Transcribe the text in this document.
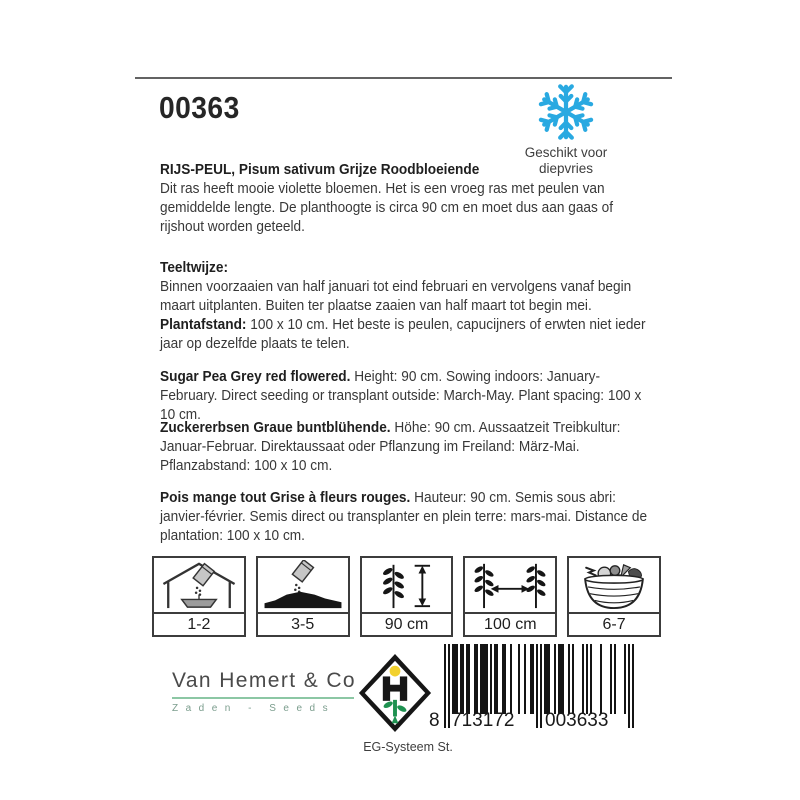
00363
Geschikt voor
diepvries
RIJS-PEUL, Pisum sativum Grijze Roodbloeiende
Dit ras heeft mooie violette bloemen. Het is een vroeg ras met peulen van gemiddelde lengte. De planthoogte is circa 90 cm en moet dus aan gaas of rijshout worden geteeld.
Teeltwijze:
Binnen voorzaaien van half januari tot eind februari en vervolgens vanaf begin maart uitplanten. Buiten ter plaatse zaaien van half maart tot begin mei.
Plantafstand: 100 x 10 cm. Het beste is peulen, capucijners of erwten niet ieder jaar op dezelfde plaats te telen.
Sugar Pea Grey red flowered. Height: 90 cm. Sowing indoors: January-February. Direct seeding or transplant outside: March-May. Plant spacing: 100 x 10 cm.
Zuckererbsen Graue buntblühende. Höhe: 90 cm. Aussaatzeit Treibkultur: Januar-Februar. Direktaussaat oder Pflanzung im Freiland: März-Mai. Pflanzabstand: 100 x 10 cm.
Pois mange tout Grise à fleurs rouges. Hauteur: 90 cm. Semis sous abri: janvier-février. Semis direct ou transplanter en plein terre: mars-mai. Distance de plantation: 100 x 10 cm.
1-2	3-5	90 cm	100 cm	6-7
Van Hemert & Co
Zaden - Seeds
8 713172	003633
EG-Systeem St.
